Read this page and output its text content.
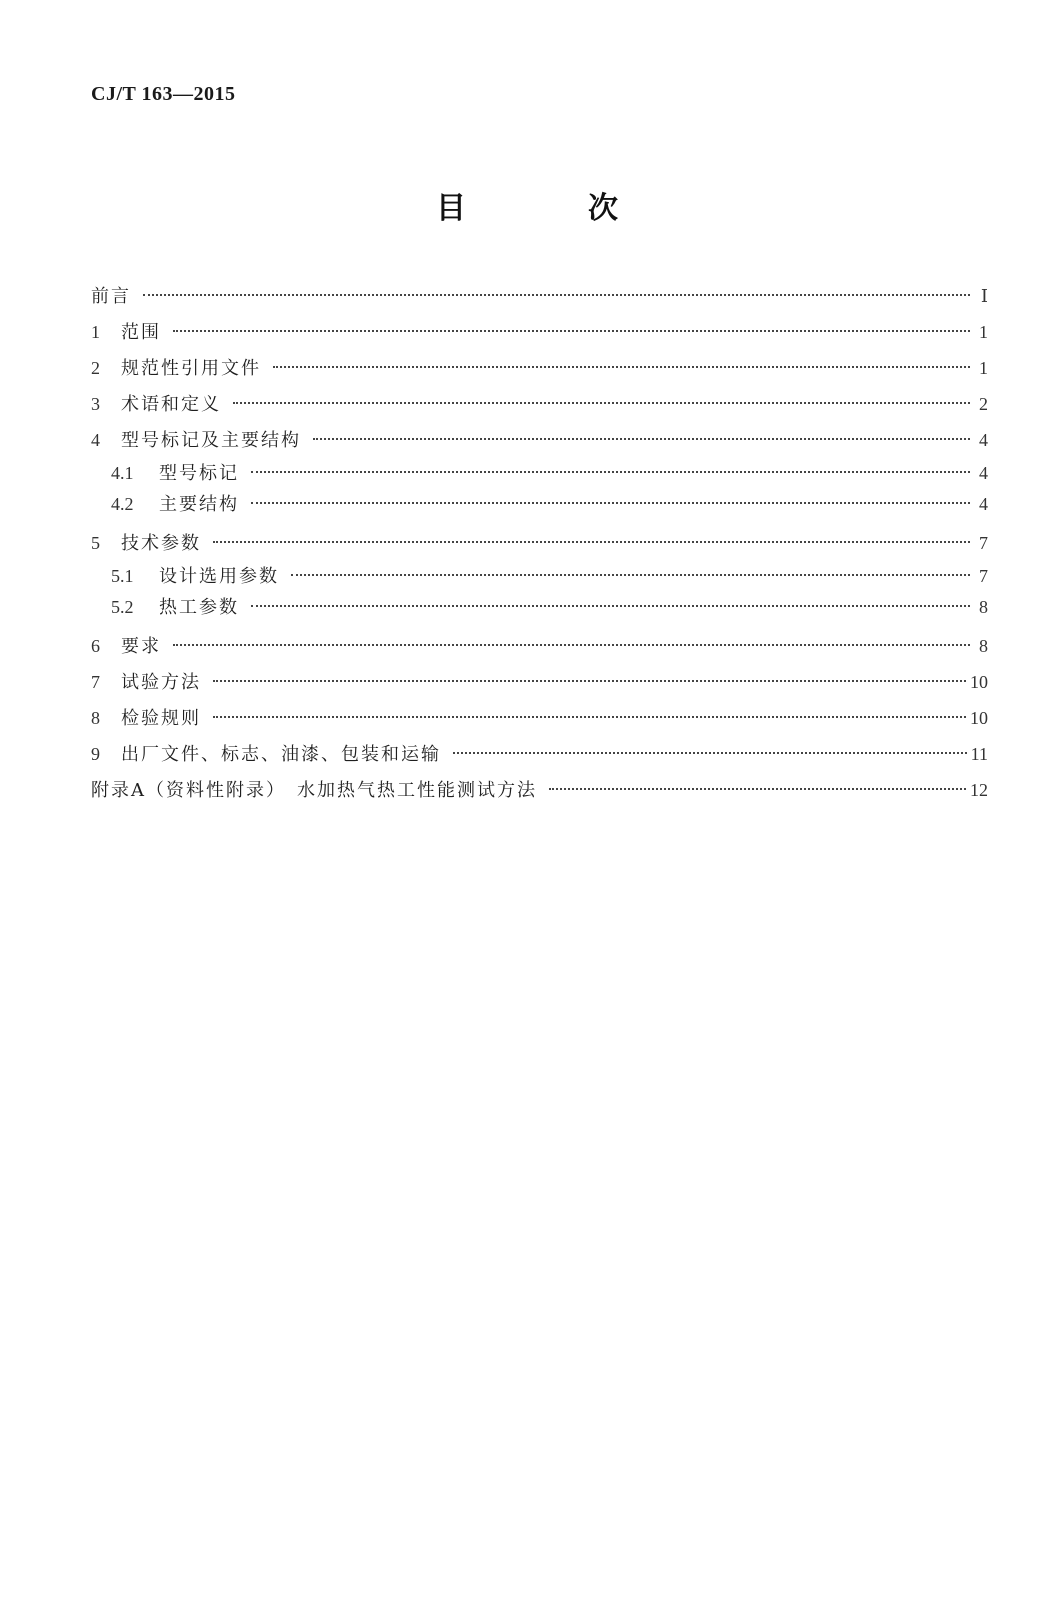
CJ/T 163—2015
目　次
前言	Ⅰ
1	范围	1
2	规范性引用文件	1
3	术语和定义	2
4	型号标记及主要结构	4
4.1	型号标记	4
4.2	主要结构	4
5	技术参数	7
5.1	设计选用参数	7
5.2	热工参数	8
6	要求	8
7	试验方法	10
8	检验规则	10
9	出厂文件、标志、油漆、包装和运输	11
附录A（资料性附录）　水加热气热工性能测试方法	12
